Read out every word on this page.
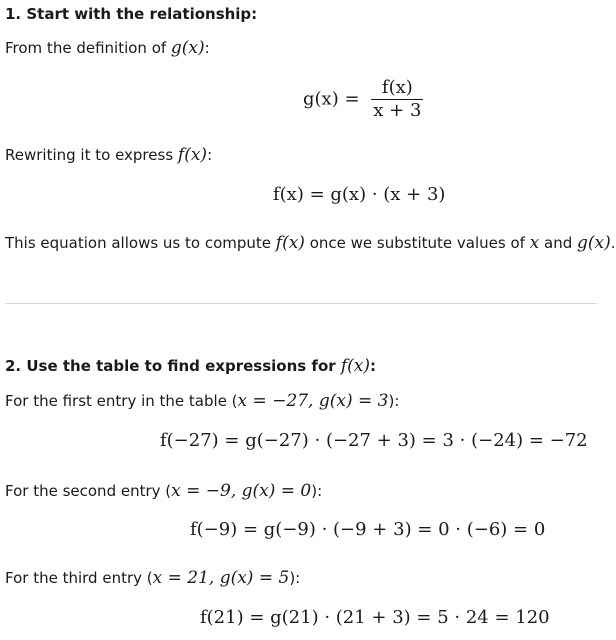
1. Start with the relationship:
From the definition of g(x):
$g(x) = \frac{f(x)}{x + 3}$
Rewriting it to express f(x):
f(x) = g(x) · (x + 3)
This equation allows us to compute f(x) once we substitute values of x and g(x).
2. Use the table to find expressions for f(x):
For the first entry in the table (x = −27, g(x) = 3):
f(−27) = g(−27) · (−27 + 3) = 3 · (−24) = −72
For the second entry (x = −9, g(x) = 0):
f(−9) = g(−9) · (−9 + 3) = 0 · (−6) = 0
For the third entry (x = 21, g(x) = 5):
f(21) = g(21) · (21 + 3) = 5 · 24 = 120
